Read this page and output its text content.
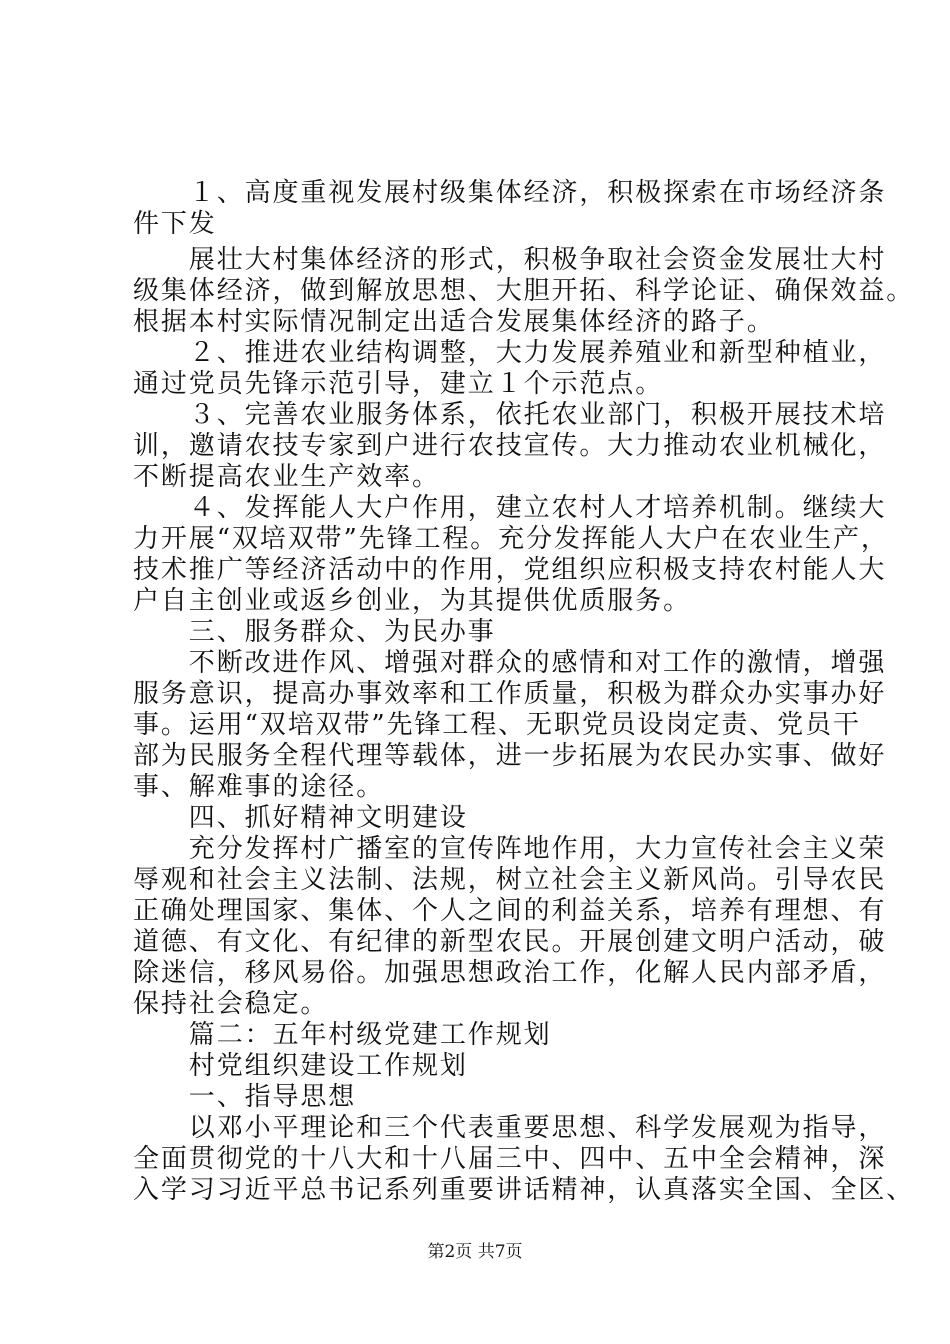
　　１、高度重视发展村级集体经济，积极探索在市场经济条
件下发
　　展壮大村集体经济的形式，积极争取社会资金发展壮大村
级集体经济，做到解放思想、大胆开拓、科学论证、确保效益。
根据本村实际情况制定出适合发展集体经济的路子。
　　２、推进农业结构调整，大力发展养殖业和新型种植业，
通过党员先锋示范引导，建立１个示范点。
　　３、完善农业服务体系，依托农业部门，积极开展技术培
训，邀请农技专家到户进行农技宣传。大力推动农业机械化，
不断提高农业生产效率。
　　４、发挥能人大户作用，建立农村人才培养机制。继续大
力开展“双培双带”先锋工程。充分发挥能人大户在农业生产，
技术推广等经济活动中的作用，党组织应积极支持农村能人大
户自主创业或返乡创业，为其提供优质服务。
　　三、服务群众、为民办事
　　不断改进作风、增强对群众的感情和对工作的激情，增强
服务意识，提高办事效率和工作质量，积极为群众办实事办好
事。运用“双培双带”先锋工程、无职党员设岗定责、党员干
部为民服务全程代理等载体，进一步拓展为农民办实事、做好
事、解难事的途径。
　　四、抓好精神文明建设
　　充分发挥村广播室的宣传阵地作用，大力宣传社会主义荣
辱观和社会主义法制、法规，树立社会主义新风尚。引导农民
正确处理国家、集体、个人之间的利益关系，培养有理想、有
道德、有文化、有纪律的新型农民。开展创建文明户活动，破
除迷信，移风易俗。加强思想政治工作，化解人民内部矛盾，
保持社会稳定。
　　篇二：五年村级党建工作规划
　　村党组织建设工作规划
　　一、指导思想
　　以邓小平理论和三个代表重要思想、科学发展观为指导，
全面贯彻党的十八大和十八届三中、四中、五中全会精神，深
入学习习近平总书记系列重要讲话精神，认真落实全国、全区、
第2页 共7页
